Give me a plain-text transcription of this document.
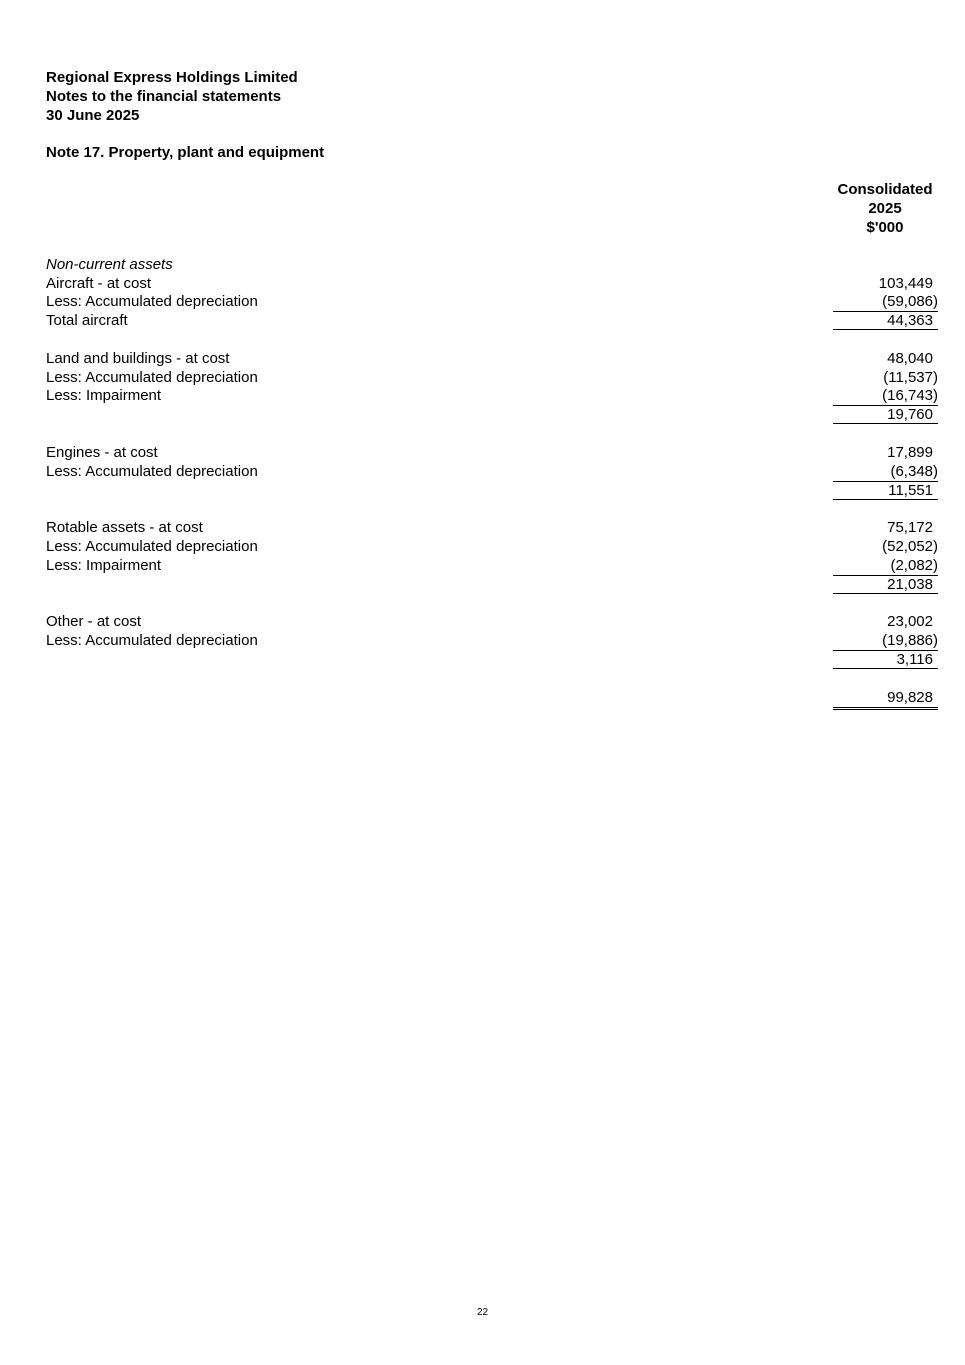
Regional Express Holdings Limited
Notes to the financial statements
30 June 2025
Note 17. Property, plant and equipment
Consolidated
2025
$'000
Non-current assets
Aircraft - at cost	103,449
Less: Accumulated depreciation	(59,086)
Total aircraft	44,363
Land and buildings - at cost	48,040
Less: Accumulated depreciation	(11,537)
Less: Impairment	(16,743)
19,760
Engines - at cost	17,899
Less: Accumulated depreciation	(6,348)
11,551
Rotable assets - at cost	75,172
Less: Accumulated depreciation	(52,052)
Less: Impairment	(2,082)
21,038
Other - at cost	23,002
Less: Accumulated depreciation	(19,886)
3,116
99,828
22
